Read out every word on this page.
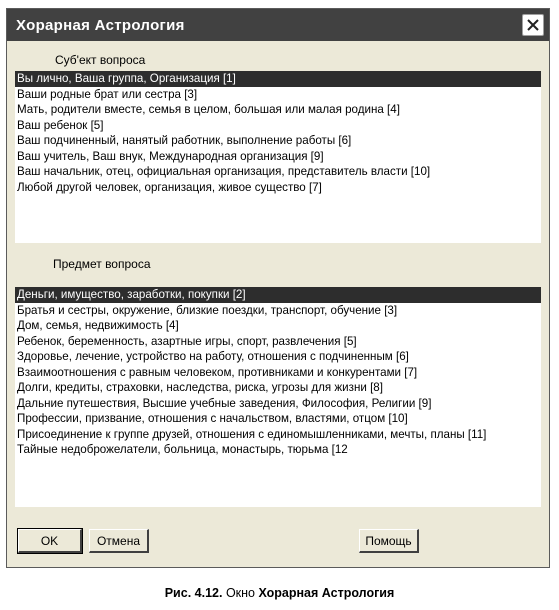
Хорарная Астрология
Суб'ект вопроса
Вы лично, Ваша группа, Организация [1]
Ваши родные брат или сестра [3]
Мать, родители вместе, семья в целом, большая или малая родина [4]
Ваш ребенок [5]
Ваш подчиненный, нанятый работник, выполнение работы [6]
Ваш учитель, Ваш внук, Международная организация [9]
Ваш начальник, отец, официальная организация, представитель власти [10]
Любой другой человек, организация, живое существо [7]
Предмет вопроса
Деньги, имущество, заработки, покупки [2]
Братья и сестры, окружение, близкие поездки, транспорт, обучение [3]
Дом, семья, недвижимость [4]
Ребенок, беременность, азартные игры, спорт, развлечения [5]
Здоровье, лечение, устройство на работу, отношения с подчиненным [6]
Взаимоотношения с равным человеком, противниками и конкурентами [7]
Долги, кредиты, страховки, наследства, риска, угрозы для жизни [8]
Дальние путешествия, Высшие учебные заведения, Философия, Религии [9]
Профессии, призвание, отношения с начальством, властями, отцом [10]
Присоединение к группе друзей, отношения с единомышленниками, мечты, планы [11]
Тайные недоброжелатели, больница, монастырь, тюрьма [12
OK	Отмена	Помощь
Рис. 4.12. Окно Хорарная Астрология
